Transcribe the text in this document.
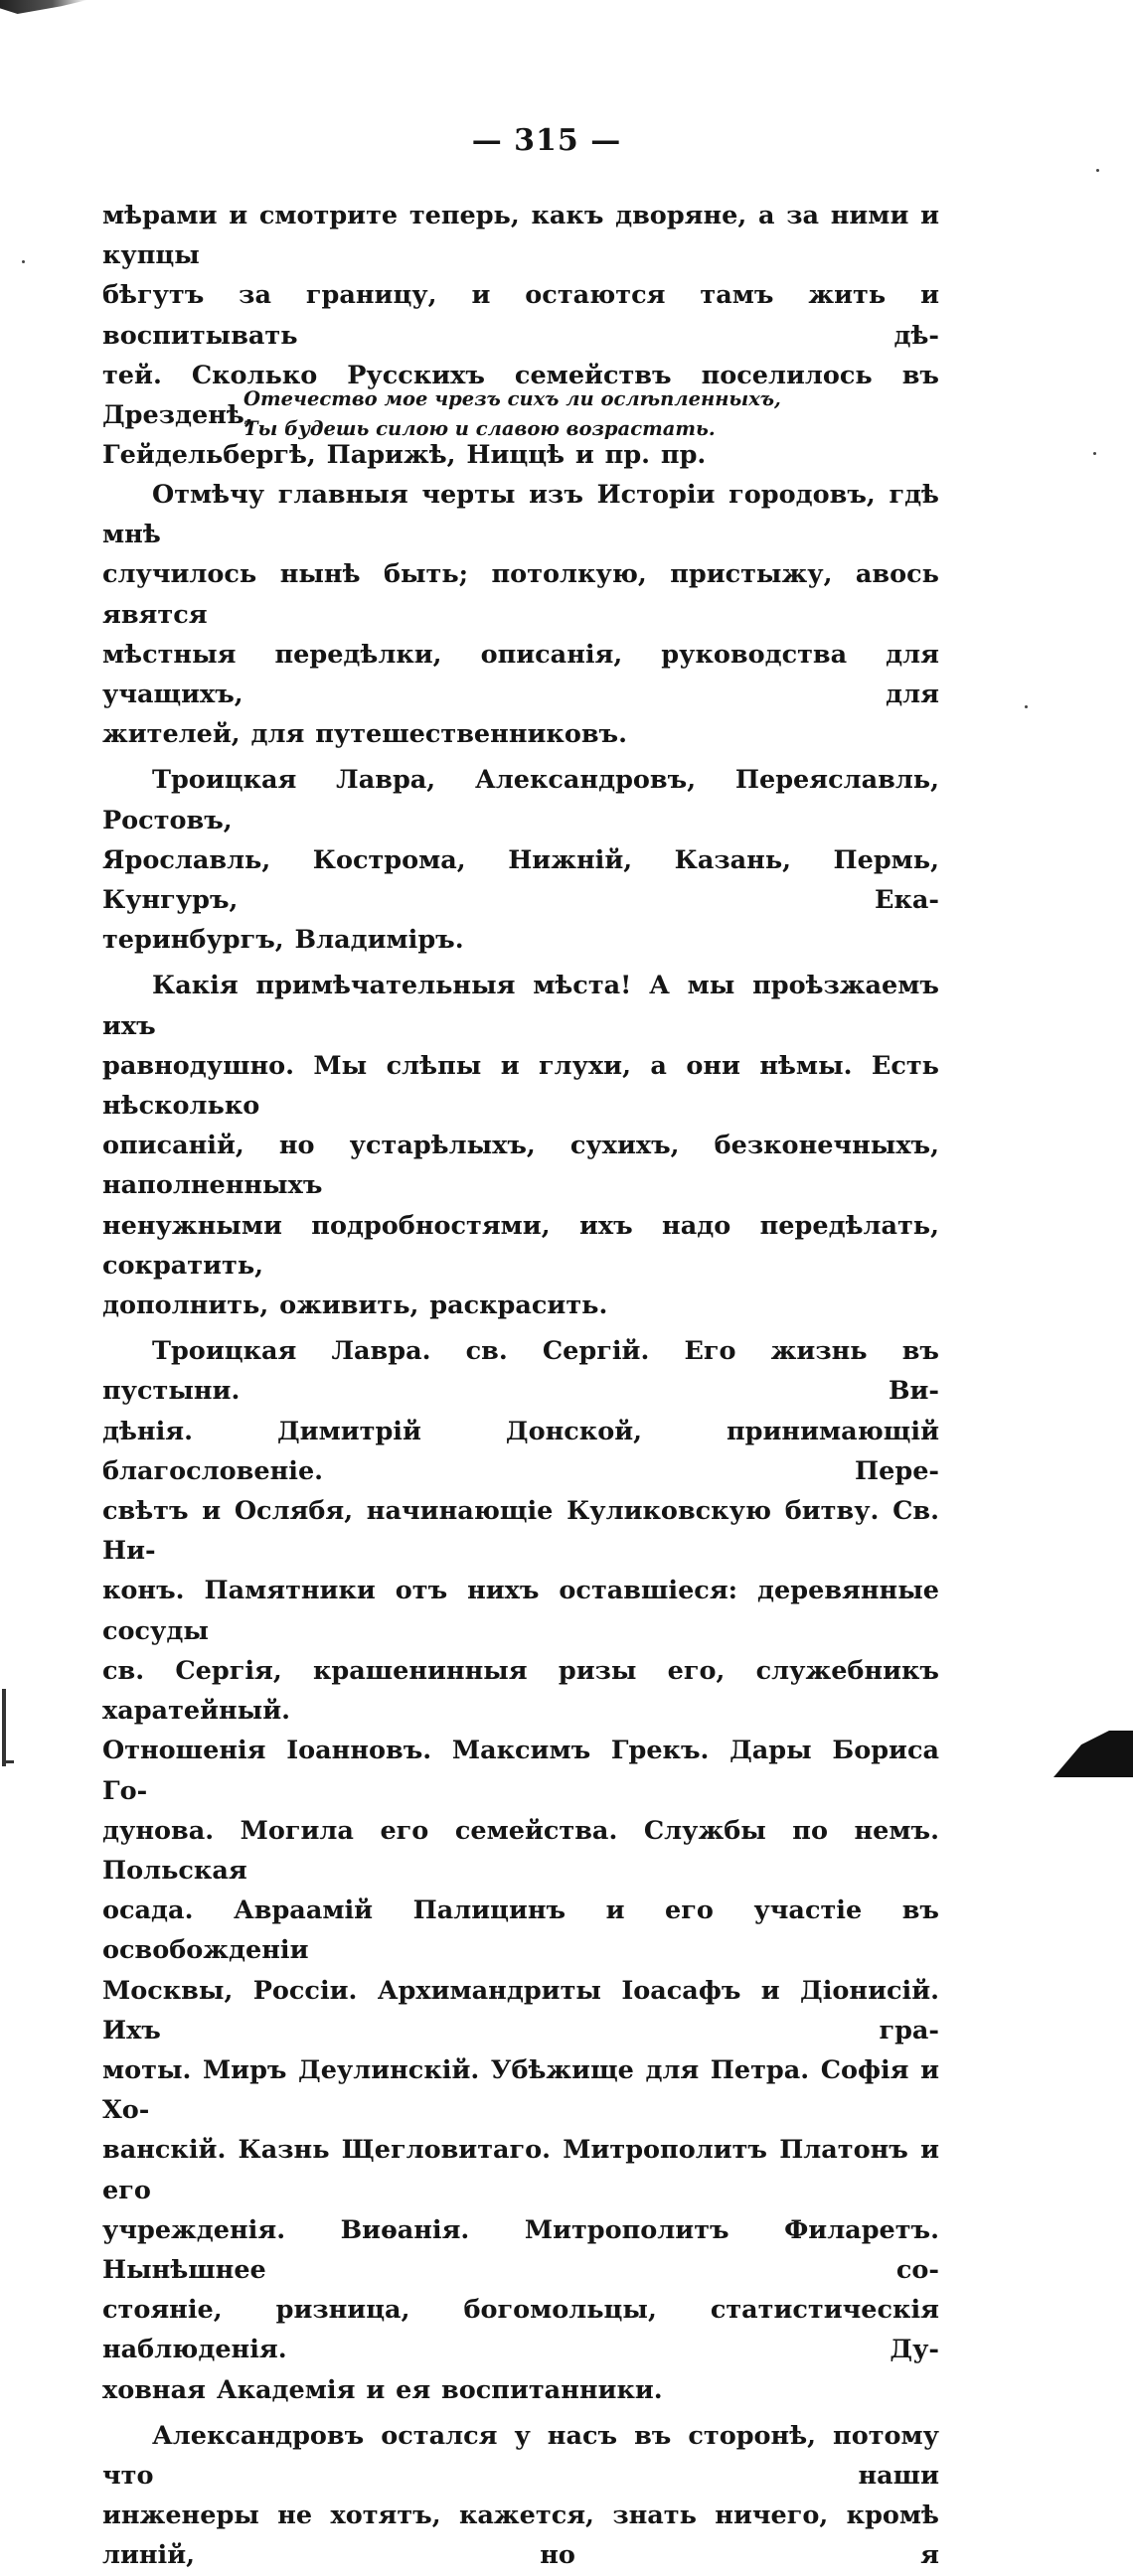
— 315 —

мѣрами и смотрите теперь, какъ дворяне, а за ними и купцы
бѣгутъ за границу, и остаются тамъ жить и воспитывать дѣ-
тей. Сколько Русскихъ семействъ поселилось въ Дрезденѣ,
Гейдельбергѣ, Парижѣ, Ниццѣ и пр. пр.

Отечество мое чрезъ сихъ ли ослѣпленныхъ,
Ты будешь силою и славою возрастать.

Отмѣчу главныя черты изъ Исторіи городовъ, гдѣ мнѣ
случилось нынѣ быть; потолкую, пристыжу, авось явятся
мѣстныя передѣлки, описанія, руководства для учащихъ, для
жителей, для путешественниковъ.

Троицкая Лавра, Александровъ, Переяславль, Ростовъ,
Ярославль, Кострома, Нижній, Казань, Пермь, Кунгуръ, Ека-
теринбургъ, Владиміръ.

Какія примѣчательныя мѣста! А мы проѣзжаемъ ихъ
равнодушно. Мы слѣпы и глухи, а они нѣмы. Есть нѣсколько
описаній, но устарѣлыхъ, сухихъ, безконечныхъ, наполненныхъ
ненужными подробностями, ихъ надо передѣлать, сократить,
дополнить, оживить, раскрасить.

Троицкая Лавра. св. Сергій. Его жизнь въ пустыни. Ви-
дѣнія. Димитрій Донской, принимающій благословеніе. Пере-
свѣтъ и Ослябя, начинающіе Куликовскую битву. Св. Ни-
конъ. Памятники отъ нихъ оставшіеся: деревянные сосуды
св. Сергія, крашенинныя ризы его, служебникъ харатейный.
Отношенія Іоанновъ. Максимъ Грекъ. Дары Бориса Го-
дунова. Могила его семейства. Службы по немъ. Польская
осада. Авраамій Палицинъ и его участіе въ освобожденіи
Москвы, Россіи. Архимандриты Іоасафъ и Діонисій. Ихъ гра-
моты. Миръ Деулинскій. Убѣжище для Петра. Софія и Хо-
ванскій. Казнь Щегловитаго. Митрополитъ Платонъ и его
учрежденія. Виѳанія. Митрополитъ Филаретъ. Нынѣшнее со-
стояніе, ризница, богомольцы, статистическія наблюденія. Ду-
ховная Академія и ея воспитанники.

Александровъ остался у насъ въ сторонѣ, потому что наши
инженеры не хотятъ, кажется, знать ничего, кромѣ линій, но я
